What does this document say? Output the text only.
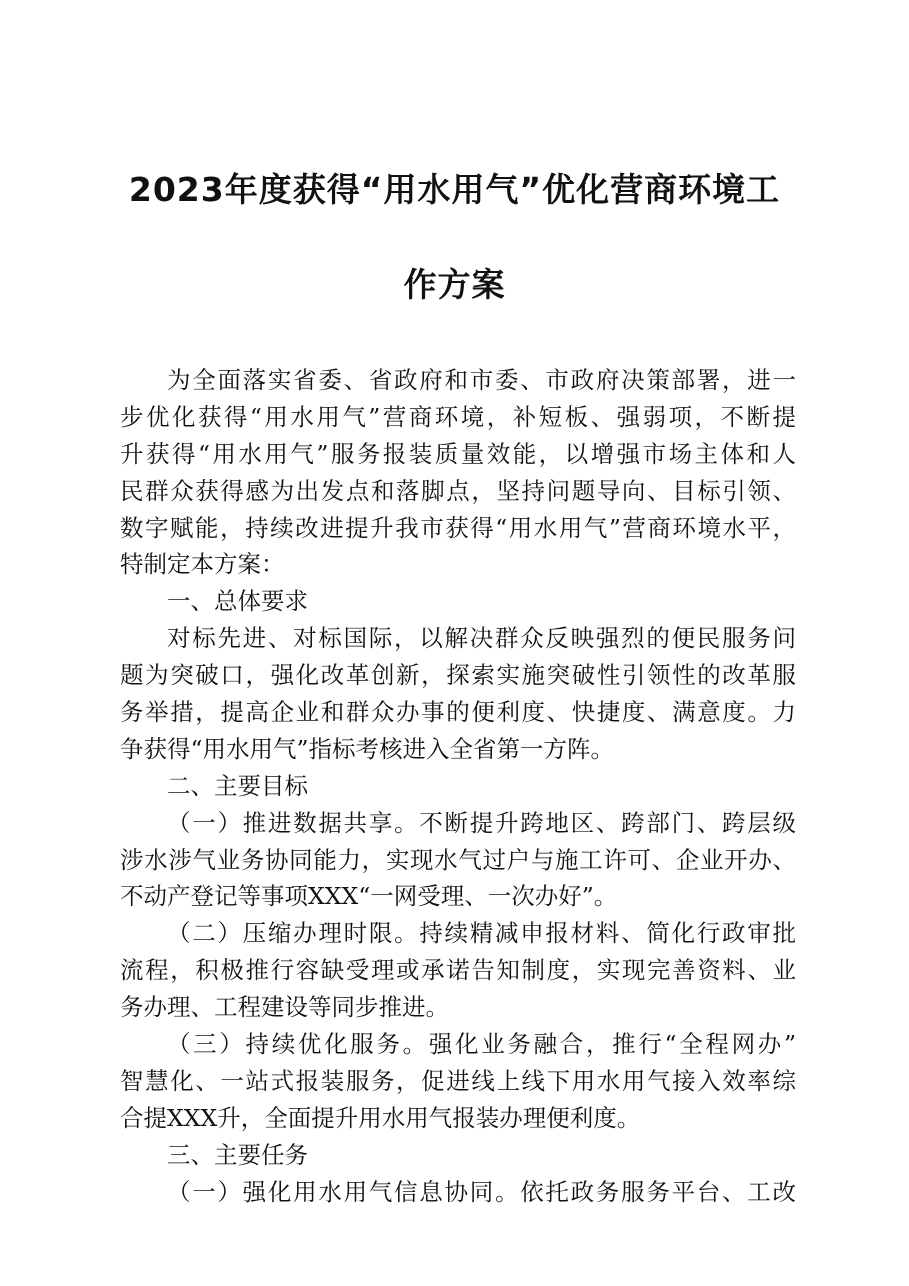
2023年度获得“用水用气”优化营商环境工
作方案
为全面落实省委、省政府和市委、市政府决策部署，进一
步优化获得“用水用气”营商环境，补短板、强弱项，不断提
升获得“用水用气”服务报装质量效能，以增强市场主体和人
民群众获得感为出发点和落脚点，坚持问题导向、目标引领、
数字赋能，持续改进提升我市获得“用水用气”营商环境水平，
特制定本方案：
一、总体要求
对标先进、对标国际，以解决群众反映强烈的便民服务问
题为突破口，强化改革创新，探索实施突破性引领性的改革服
务举措，提高企业和群众办事的便利度、快捷度、满意度。力
争获得“用水用气”指标考核进入全省第一方阵。
二、主要目标
（一）推进数据共享。不断提升跨地区、跨部门、跨层级
涉水涉气业务协同能力，实现水气过户与施工许可、企业开办、
不动产登记等事项XXX“一网受理、一次办好”。
（二）压缩办理时限。持续精减申报材料、简化行政审批
流程，积极推行容缺受理或承诺告知制度，实现完善资料、业
务办理、工程建设等同步推进。
（三）持续优化服务。强化业务融合，推行“全程网办”
智慧化、一站式报装服务，促进线上线下用水用气接入效率综
合提XXX升，全面提升用水用气报装办理便利度。
三、主要任务
（一）强化用水用气信息协同。依托政务服务平台、工改
